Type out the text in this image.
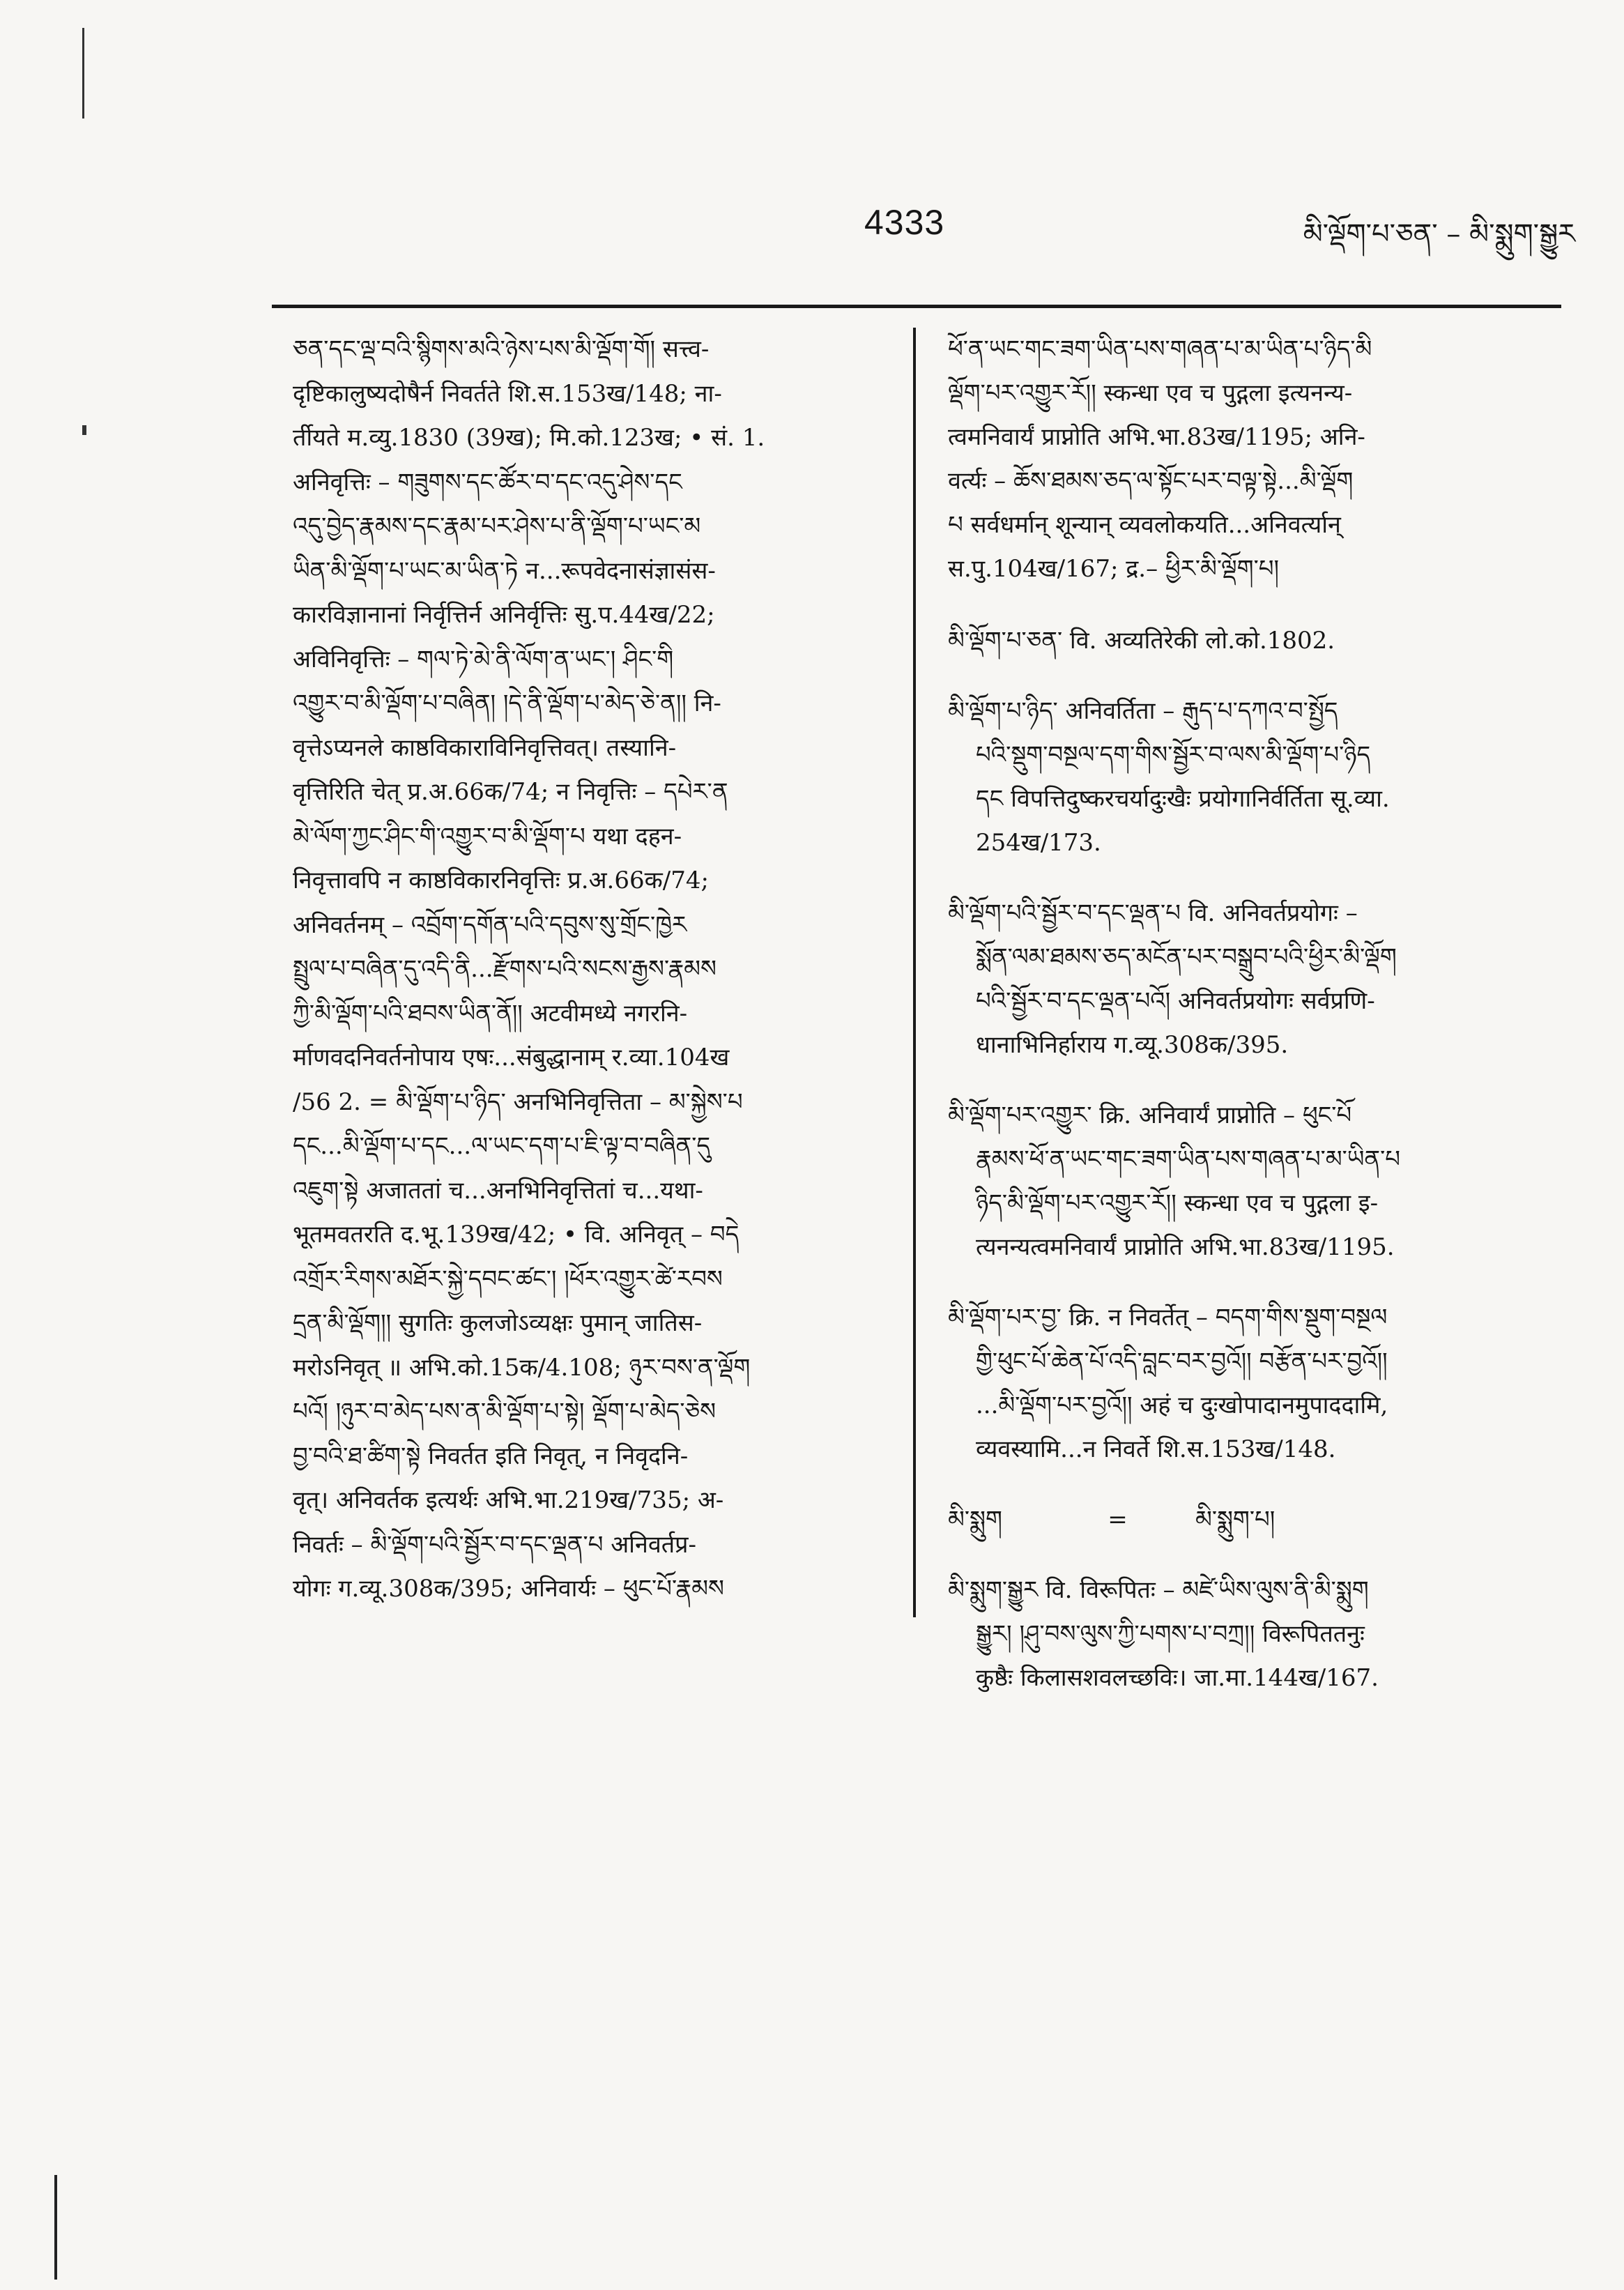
4333	མི་ལྡོག་པ་ཅན་ – མི་སྨུག་སྒྱུར

ཅན་དང་ལྡ་བའི་སྙིགས་མའི་ཉེས་པས་མི་ལྡོག་གོ། सत्त्व-

दृष्टिकालुष्यदोषैर्न निवर्तते शि.स.153ख/148; ना-

र्तीयते म.व्यु.1830 (39ख); मि.को.123ख; • सं. 1.

अनिवृत्तिः – གཟུགས་དང་ཚོར་བ་དང་འདུ་ཤེས་དང

འདུ་བྱེད་རྣམས་དང་རྣམ་པར་ཤེས་པ་ནི་ལྡོག་པ་ཡང་མ

ཡིན་མི་ལྡོག་པ་ཡང་མ་ཡིན་ཏེ न...रूपवेदनासंज्ञासंस-

कारविज्ञानानां निर्वृत्तिर्न अनिर्वृत्तिः सु.प.44ख/22;

अविनिवृत्तिः – གལ་ཏེ་མེ་ནི་ལོག་ན་ཡང་། ཤིང་གི

འགྱུར་བ་མི་ལྡོག་པ་བཞིན། །དེ་ནི་ལྡོག་པ་མེད་ཅེ་ན།། नि-

वृत्तेऽप्यनले काष्ठविकाराविनिवृत्तिवत्। तस्यानि-

वृत्तिरिति चेत् प्र.अ.66क/74; न निवृत्तिः – དཔེར་ན

མེ་ལོག་ཀྱང་ཤིང་གི་འགྱུར་བ་མི་ལྡོག་པ यथा दहन-

निवृत्तावपि न काष्ठविकारनिवृत्तिः प्र.अ.66क/74;

अनिवर्तनम् – འབྲོག་དགོན་པའི་དབུས་སུ་གྲོང་ཁྱེར

སྤྲུལ་པ་བཞིན་དུ་འདི་ནི...རྫོགས་པའི་སངས་རྒྱས་རྣམས

ཀྱི་མི་ལྡོག་པའི་ཐབས་ཡིན་ནོ།། अटवीमध्ये नगरनि-

र्माणवदनिवर्तनोपाय एषः...संबुद्धानाम् र.व्या.104ख

/56 2. = མི་ལྡོག་པ་ཉིད་ अनभिनिवृत्तिता – མ་སྐྱེས་པ

དང...མི་ལྡོག་པ་དང...ལ་ཡང་དག་པ་ཇི་ལྟ་བ་བཞིན་དུ

འཇུག་སྟེ अजाततां च...अनभिनिवृत्तितां च...यथा-

भूतमवतरति द.भू.139ख/42; • वि. अनिवृत् – བདེ

འགྲོར་རིགས་མཐོར་སྐྱེ་དབང་ཚང་། །ཕོར་འགྱུར་ཚེ་རབས

དྲན་མི་ལྡོག།། सुगतिः कुलजोऽव्यक्षः पुमान् जातिस-

मरोऽनिवृत् ॥ अभि.को.15क/4.108; ཉུར་བས་ན་ལྡོག

པའོ། །ཉུར་བ་མེད་པས་ན་མི་ལྡོག་པ་སྟེ། ལྡོག་པ་མེད་ཅེས

བྱ་བའི་ཐ་ཚིག་སྟེ निवर्तत इति निवृत्, न निवृदनि-

वृत्। अनिवर्तक इत्यर्थः अभि.भा.219ख/735; अ-

निवर्तः – མི་ལྡོག་པའི་སྦྱོར་བ་དང་ལྡན་པ अनिवर्तप्र-

योगः ग.व्यू.308क/395; अनिवार्यः – ཕུང་པོ་རྣམས

ཕོ་ན་ཡང་གང་ཟག་ཡིན་པས་གཞན་པ་མ་ཡིན་པ་ཉིད་མི

ལྡོག་པར་འགྱུར་རོ།། स्कन्धा एव च पुद्गला इत्यनन्य-

त्वमनिवार्यं प्राप्नोति अभि.भा.83ख/1195; अनि-

वर्त्यः – ཆོས་ཐམས་ཅད་ལ་སྟོང་པར་བལྟ་སྟེ...མི་ལྡོག

པ सर्वधर्मान् शून्यान् व्यवलोकयति...अनिवर्त्यान्

स.पु.104ख/167; द्र.– ཕྱིར་མི་ལྡོག་པ།

མི་ལྡོག་པ་ཅན་ वि. अव्यतिरेकी लो.को.1802.

མི་ལྡོག་པ་ཉིད་ अनिवर्तिता – རྒུད་པ་དཀའ་བ་སྤྱོད

པའི་སྡུག་བསྔལ་དག་གིས་སྦྱོར་བ་ལས་མི་ལྡོག་པ་ཉིད

དང विपत्तिदुष्करचर्यादुःखैः प्रयोगानिर्वर्तिता सू.व्या.

254ख/173.

མི་ལྡོག་པའི་སྦྱོར་བ་དང་ལྡན་པ वि. अनिवर्तप्रयोगः –

སྨོན་ལམ་ཐམས་ཅད་མངོན་པར་བསྒྲུབ་པའི་ཕྱིར་མི་ལྡོག

པའི་སྦྱོར་བ་དང་ལྡན་པའོ། अनिवर्तप्रयोगः सर्वप्रणि-

धानाभिनिर्हाराय ग.व्यू.308क/395.

མི་ལྡོག་པར་འགྱུར་ क्रि. अनिवार्यं प्राप्नोति – ཕུང་པོ

རྣམས་ཕོ་ན་ཡང་གང་ཟག་ཡིན་པས་གཞན་པ་མ་ཡིན་པ

ཉིད་མི་ལྡོག་པར་འགྱུར་རོ།། स्कन्धा एव च पुद्गला इ-

त्यनन्यत्वमनिवार्यं प्राप्नोति अभि.भा.83ख/1195.

མི་ལྡོག་པར་བྱ་ क्रि. न निवर्तेत् – བདག་གིས་སྡུག་བསྔལ

གྱི་ཕུང་པོ་ཆེན་པོ་འདི་བླང་བར་བྱའོ།། བརྩོན་པར་བྱའོ།།

...མི་ལྡོག་པར་བྱའོ།། अहं च दुःखोपादानमुपाददामि,

व्यवस्यामि...न निवर्ते शि.स.153ख/148.

མི་སྨུག              =         མི་སྨུག་པ།

མི་སྨུག་སྒྱུར वि. विरूपितः – མཛེ་ཡིས་ལུས་ནི་མི་སྨུག

སྒྱུར། །ཤུ་བས་ལུས་ཀྱི་པགས་པ་བཀྲ།། विरूपिततनुः

कुष्ठैः किलासशवलच्छविः। जा.मा.144ख/167.
